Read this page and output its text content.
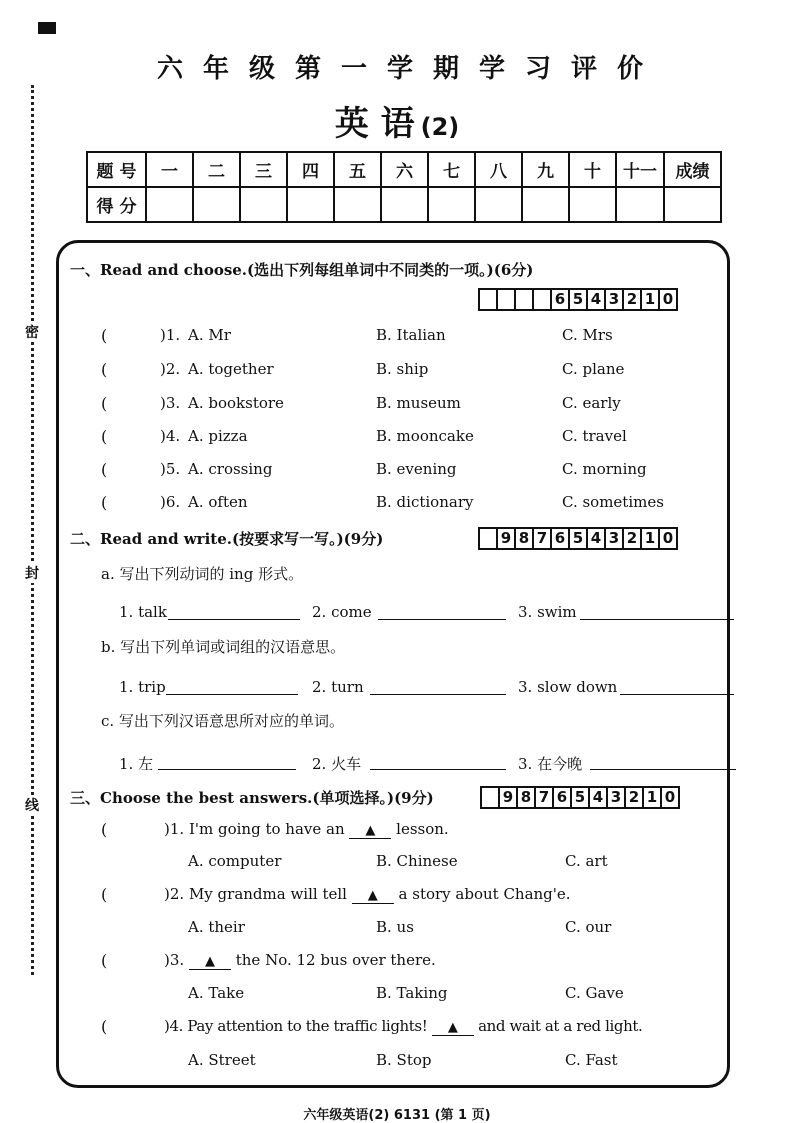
密
封
线
六年级第一学期学习评价
英 语 (2)
题 号	一	二	三	四	五	六	七	八	九	十	十一	成绩
得 分												
一、Read and choose.(选出下列每组单词中不同类的一项。)(6分)
6 5 4 3 2 1 0
(	)1. A. Mr	B. Italian	C. Mrs
(	)2. A. together	B. ship	C. plane
(	)3. A. bookstore	B. museum	C. early
(	)4. A. pizza	B. mooncake	C. travel
(	)5. A. crossing	B. evening	C. morning
(	)6. A. often	B. dictionary	C. sometimes
二、Read and write.(按要求写一写。)(9分)	9 8 7 6 5 4 3 2 1 0
a. 写出下列动词的 ing 形式。
1. talk	2. come	3. swim
b. 写出下列单词或词组的汉语意思。
1. trip	2. turn	3. slow down
c. 写出下列汉语意思所对应的单词。
1. 左	2. 火车	3. 在今晚
三、Choose the best answers.(单项选择。)(9分)	9 8 7 6 5 4 3 2 1 0
(	)1. I'm going to have an ▲ lesson.
A. computer	B. Chinese	C. art
(	)2. My grandma will tell ▲ a story about Chang'e.
A. their	B. us	C. our
(	)3. ▲ the No. 12 bus over there.
A. Take	B. Taking	C. Gave
(	)4. Pay attention to the traffic lights! ▲ and wait at a red light.
A. Street	B. Stop	C. Fast
六年级英语(2) 6131 (第 1 页)
